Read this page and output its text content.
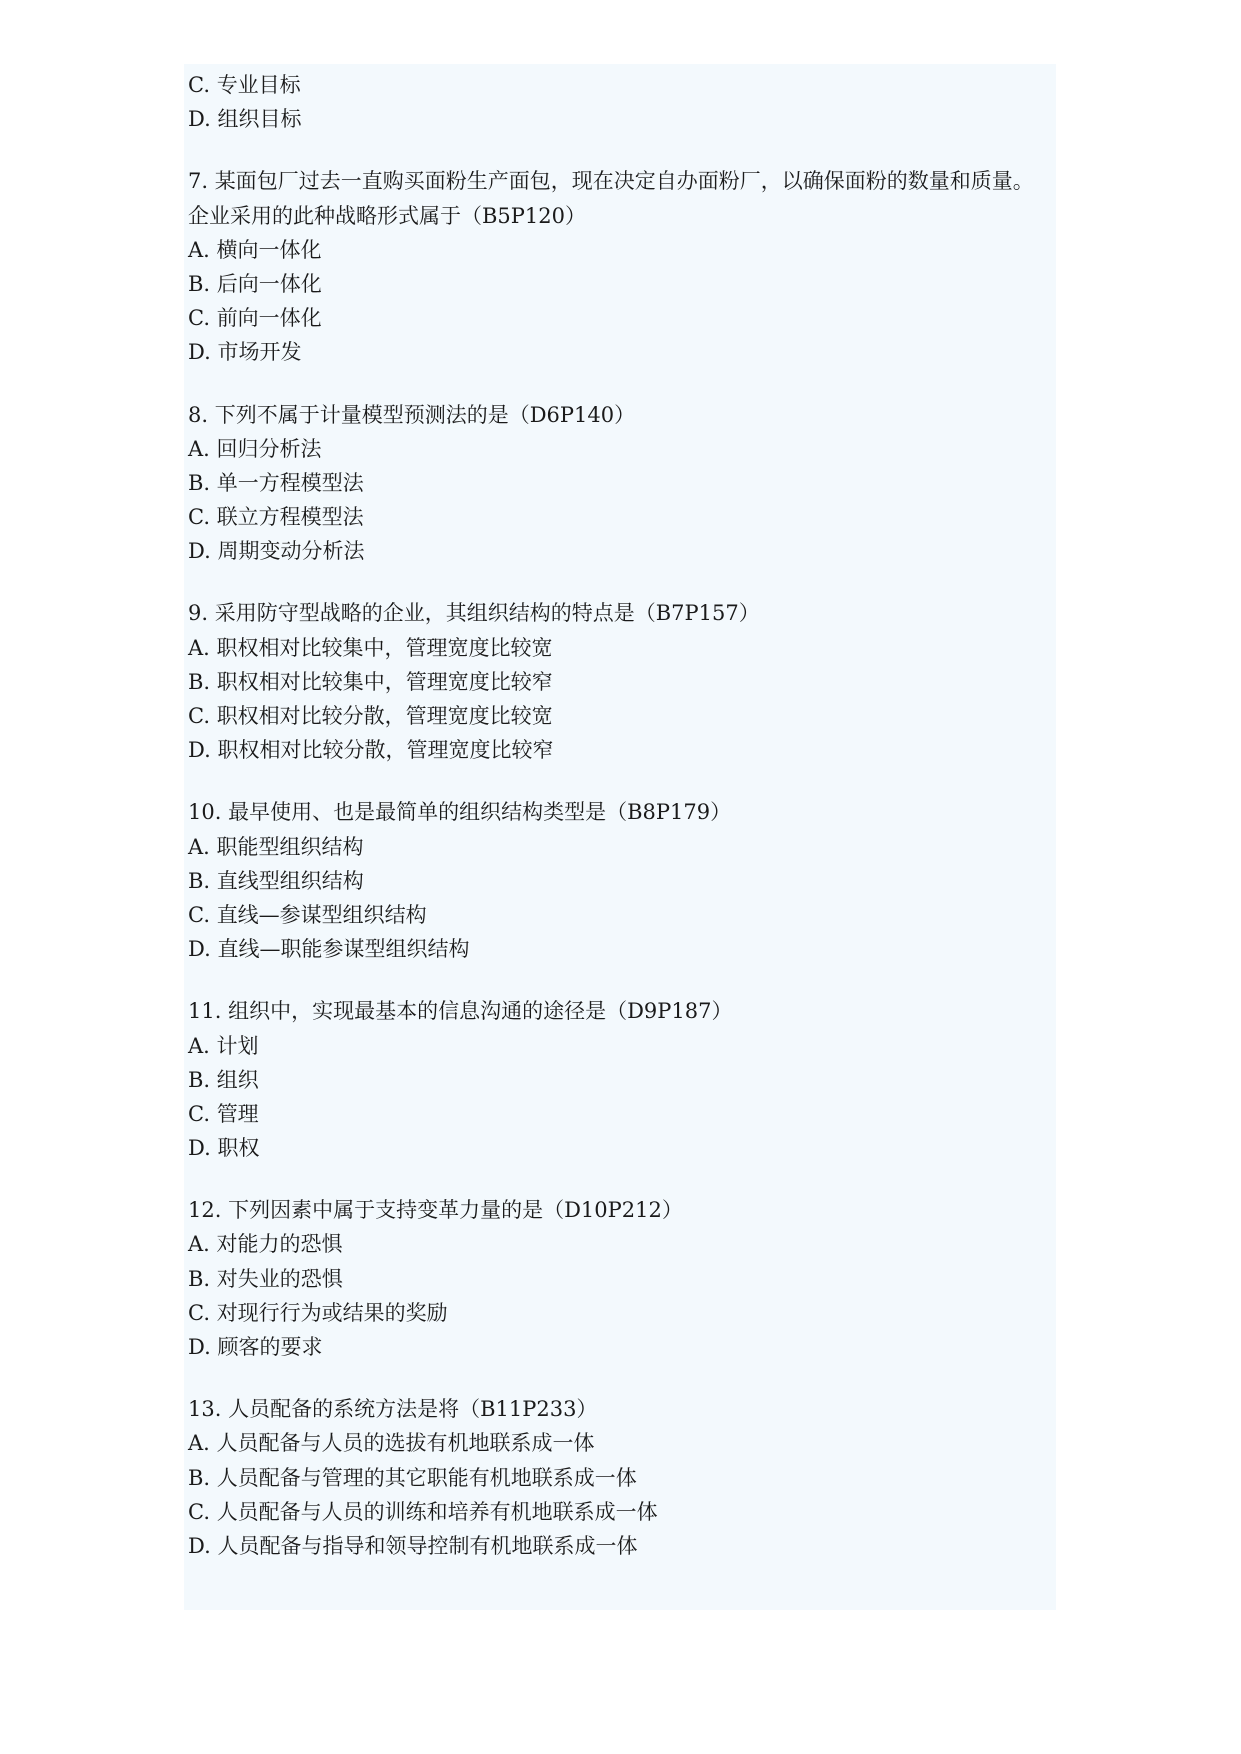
C. 专业目标
D. 组织目标
7. 某面包厂过去一直购买面粉生产面包，现在决定自办面粉厂，以确保面粉的数量和质量。
企业采用的此种战略形式属于（B5P120）
A. 横向一体化
B. 后向一体化
C. 前向一体化
D. 市场开发
8. 下列不属于计量模型预测法的是（D6P140）
A. 回归分析法
B. 单一方程模型法
C. 联立方程模型法
D. 周期变动分析法
9. 采用防守型战略的企业，其组织结构的特点是（B7P157）
A. 职权相对比较集中，管理宽度比较宽
B. 职权相对比较集中，管理宽度比较窄
C. 职权相对比较分散，管理宽度比较宽
D. 职权相对比较分散，管理宽度比较窄
10. 最早使用、也是最简单的组织结构类型是（B8P179）
A. 职能型组织结构
B. 直线型组织结构
C. 直线—参谋型组织结构
D. 直线—职能参谋型组织结构
11. 组织中，实现最基本的信息沟通的途径是（D9P187）
A. 计划
B. 组织
C. 管理
D. 职权
12. 下列因素中属于支持变革力量的是（D10P212）
A. 对能力的恐惧
B. 对失业的恐惧
C. 对现行行为或结果的奖励
D. 顾客的要求
13. 人员配备的系统方法是将（B11P233）
A. 人员配备与人员的选拔有机地联系成一体
B. 人员配备与管理的其它职能有机地联系成一体
C. 人员配备与人员的训练和培养有机地联系成一体
D. 人员配备与指导和领导控制有机地联系成一体
